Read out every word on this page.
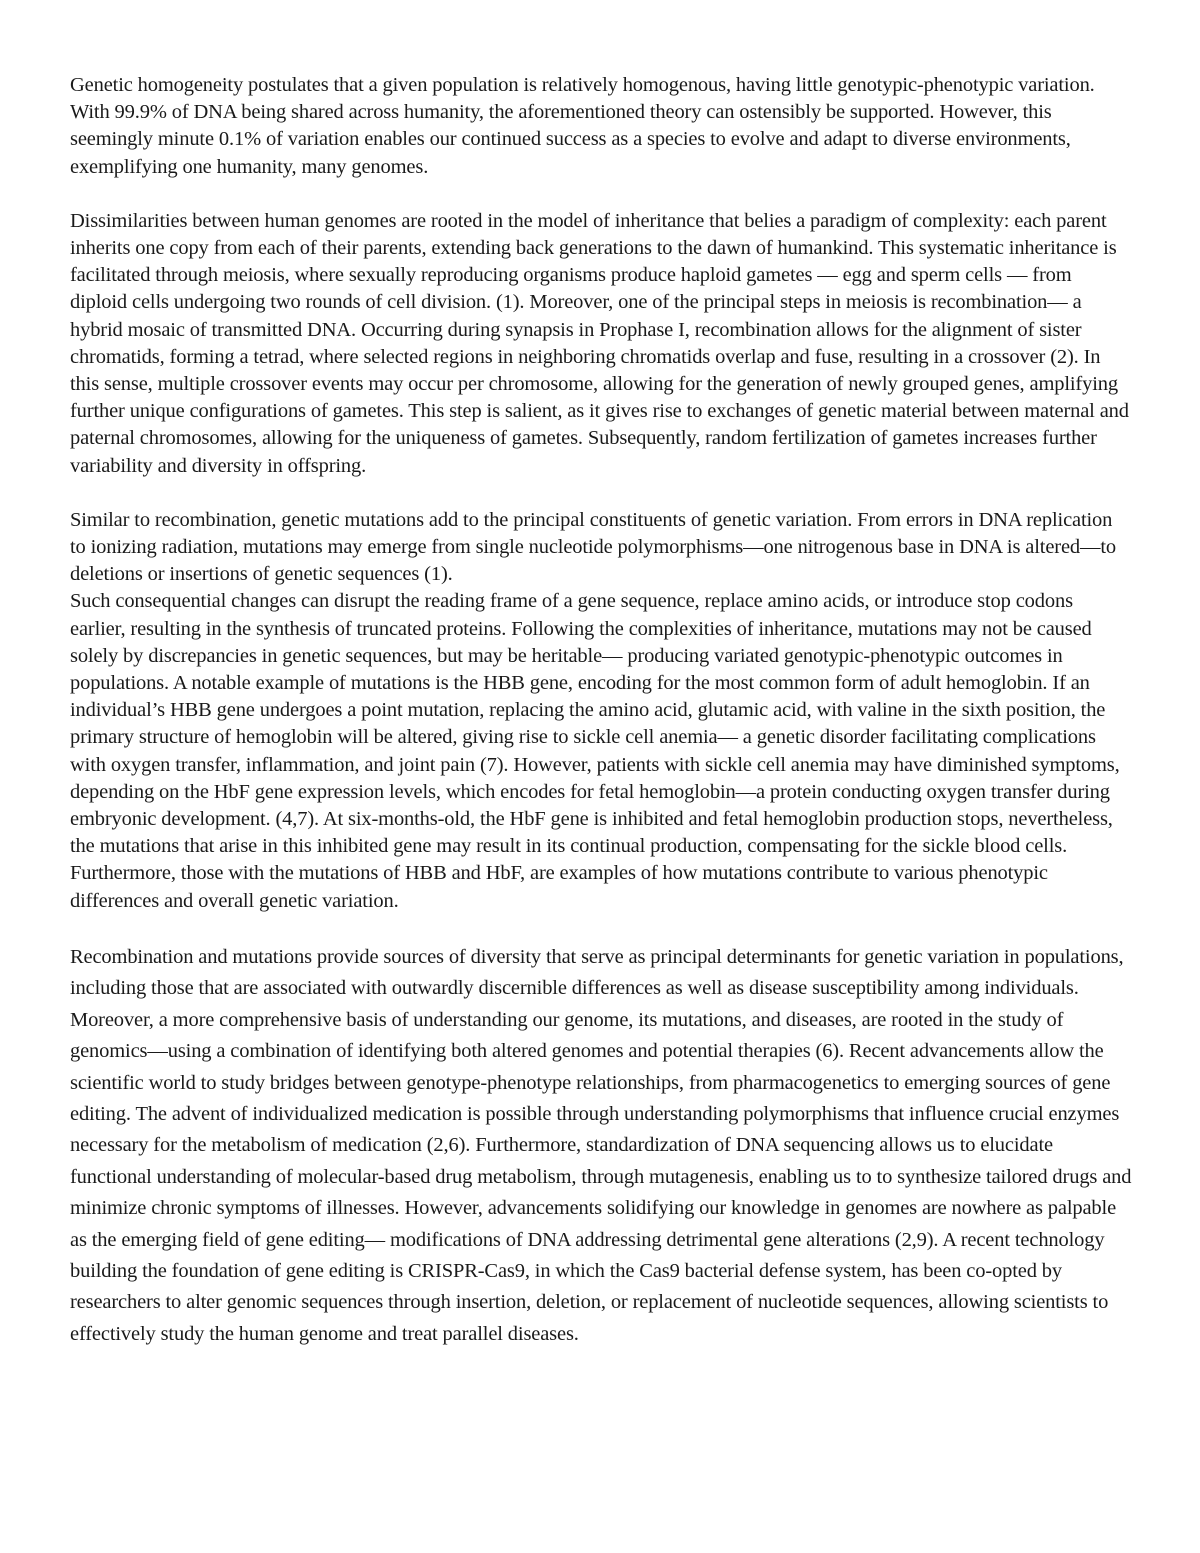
Genetic homogeneity postulates that a given population is relatively homogenous, having little genotypic-phenotypic variation. With 99.9% of DNA being shared across humanity, the aforementioned theory can ostensibly be supported. However, this seemingly minute 0.1% of variation enables our continued success as a species to evolve and adapt to diverse environments, exemplifying one humanity, many genomes.

Dissimilarities between human genomes are rooted in the model of inheritance that belies a paradigm of complexity: each parent inherits one copy from each of their parents, extending back generations to the dawn of humankind. This systematic inheritance is facilitated through meiosis, where sexually reproducing organisms produce haploid gametes — egg and sperm cells — from diploid cells undergoing two rounds of cell division. (1). Moreover, one of the principal steps in meiosis is recombination— a hybrid mosaic of transmitted DNA. Occurring during synapsis in Prophase I, recombination allows for the alignment of sister chromatids, forming a tetrad, where selected regions in neighboring chromatids overlap and fuse, resulting in a crossover (2). In this sense, multiple crossover events may occur per chromosome, allowing for the generation of newly grouped genes, amplifying further unique configurations of gametes. This step is salient, as it gives rise to exchanges of genetic material between maternal and paternal chromosomes, allowing for the uniqueness of gametes. Subsequently, random fertilization of gametes increases further variability and diversity in offspring.

Similar to recombination, genetic mutations add to the principal constituents of genetic variation. From errors in DNA replication to ionizing radiation, mutations may emerge from single nucleotide polymorphisms—one nitrogenous base in DNA is altered—to deletions or insertions of genetic sequences (1).

Such consequential changes can disrupt the reading frame of a gene sequence, replace amino acids, or introduce stop codons earlier, resulting in the synthesis of truncated proteins. Following the complexities of inheritance, mutations may not be caused solely by discrepancies in genetic sequences, but may be heritable— producing variated genotypic-phenotypic outcomes in populations. A notable example of mutations is the HBB gene, encoding for the most common form of adult hemoglobin. If an individual’s HBB gene undergoes a point mutation, replacing the amino acid, glutamic acid, with valine in the sixth position, the primary structure of hemoglobin will be altered, giving rise to sickle cell anemia— a genetic disorder facilitating complications with oxygen transfer, inflammation, and joint pain (7). However, patients with sickle cell anemia may have diminished symptoms, depending on the HbF gene expression levels, which encodes for fetal hemoglobin—a protein conducting oxygen transfer during embryonic development. (4,7). At six-months-old, the HbF gene is inhibited and fetal hemoglobin production stops, nevertheless, the mutations that arise in this inhibited gene may result in its continual production, compensating for the sickle blood cells. Furthermore, those with the mutations of HBB and HbF, are examples of how mutations contribute to various phenotypic differences and overall genetic variation.

Recombination and mutations provide sources of diversity that serve as principal determinants for genetic variation in populations, including those that are associated with outwardly discernible differences as well as disease susceptibility among individuals. Moreover, a more comprehensive basis of understanding our genome, its mutations, and diseases, are rooted in the study of genomics—using a combination of identifying both altered genomes and potential therapies (6). Recent advancements allow the scientific world to study bridges between genotype-phenotype relationships, from pharmacogenetics to emerging sources of gene editing. The advent of individualized medication is possible through understanding polymorphisms that influence crucial enzymes necessary for the metabolism of medication (2,6). Furthermore, standardization of DNA sequencing allows us to elucidate functional understanding of molecular-based drug metabolism, through mutagenesis, enabling us to to synthesize tailored drugs and minimize chronic symptoms of illnesses. However, advancements solidifying our knowledge in genomes are nowhere as palpable as the emerging field of gene editing— modifications of DNA addressing detrimental gene alterations (2,9). A recent technology building the foundation of gene editing is CRISPR-Cas9, in which the Cas9 bacterial defense system, has been co-opted by researchers to alter genomic sequences through insertion, deletion, or replacement of nucleotide sequences, allowing scientists to effectively study the human genome and treat parallel diseases.
